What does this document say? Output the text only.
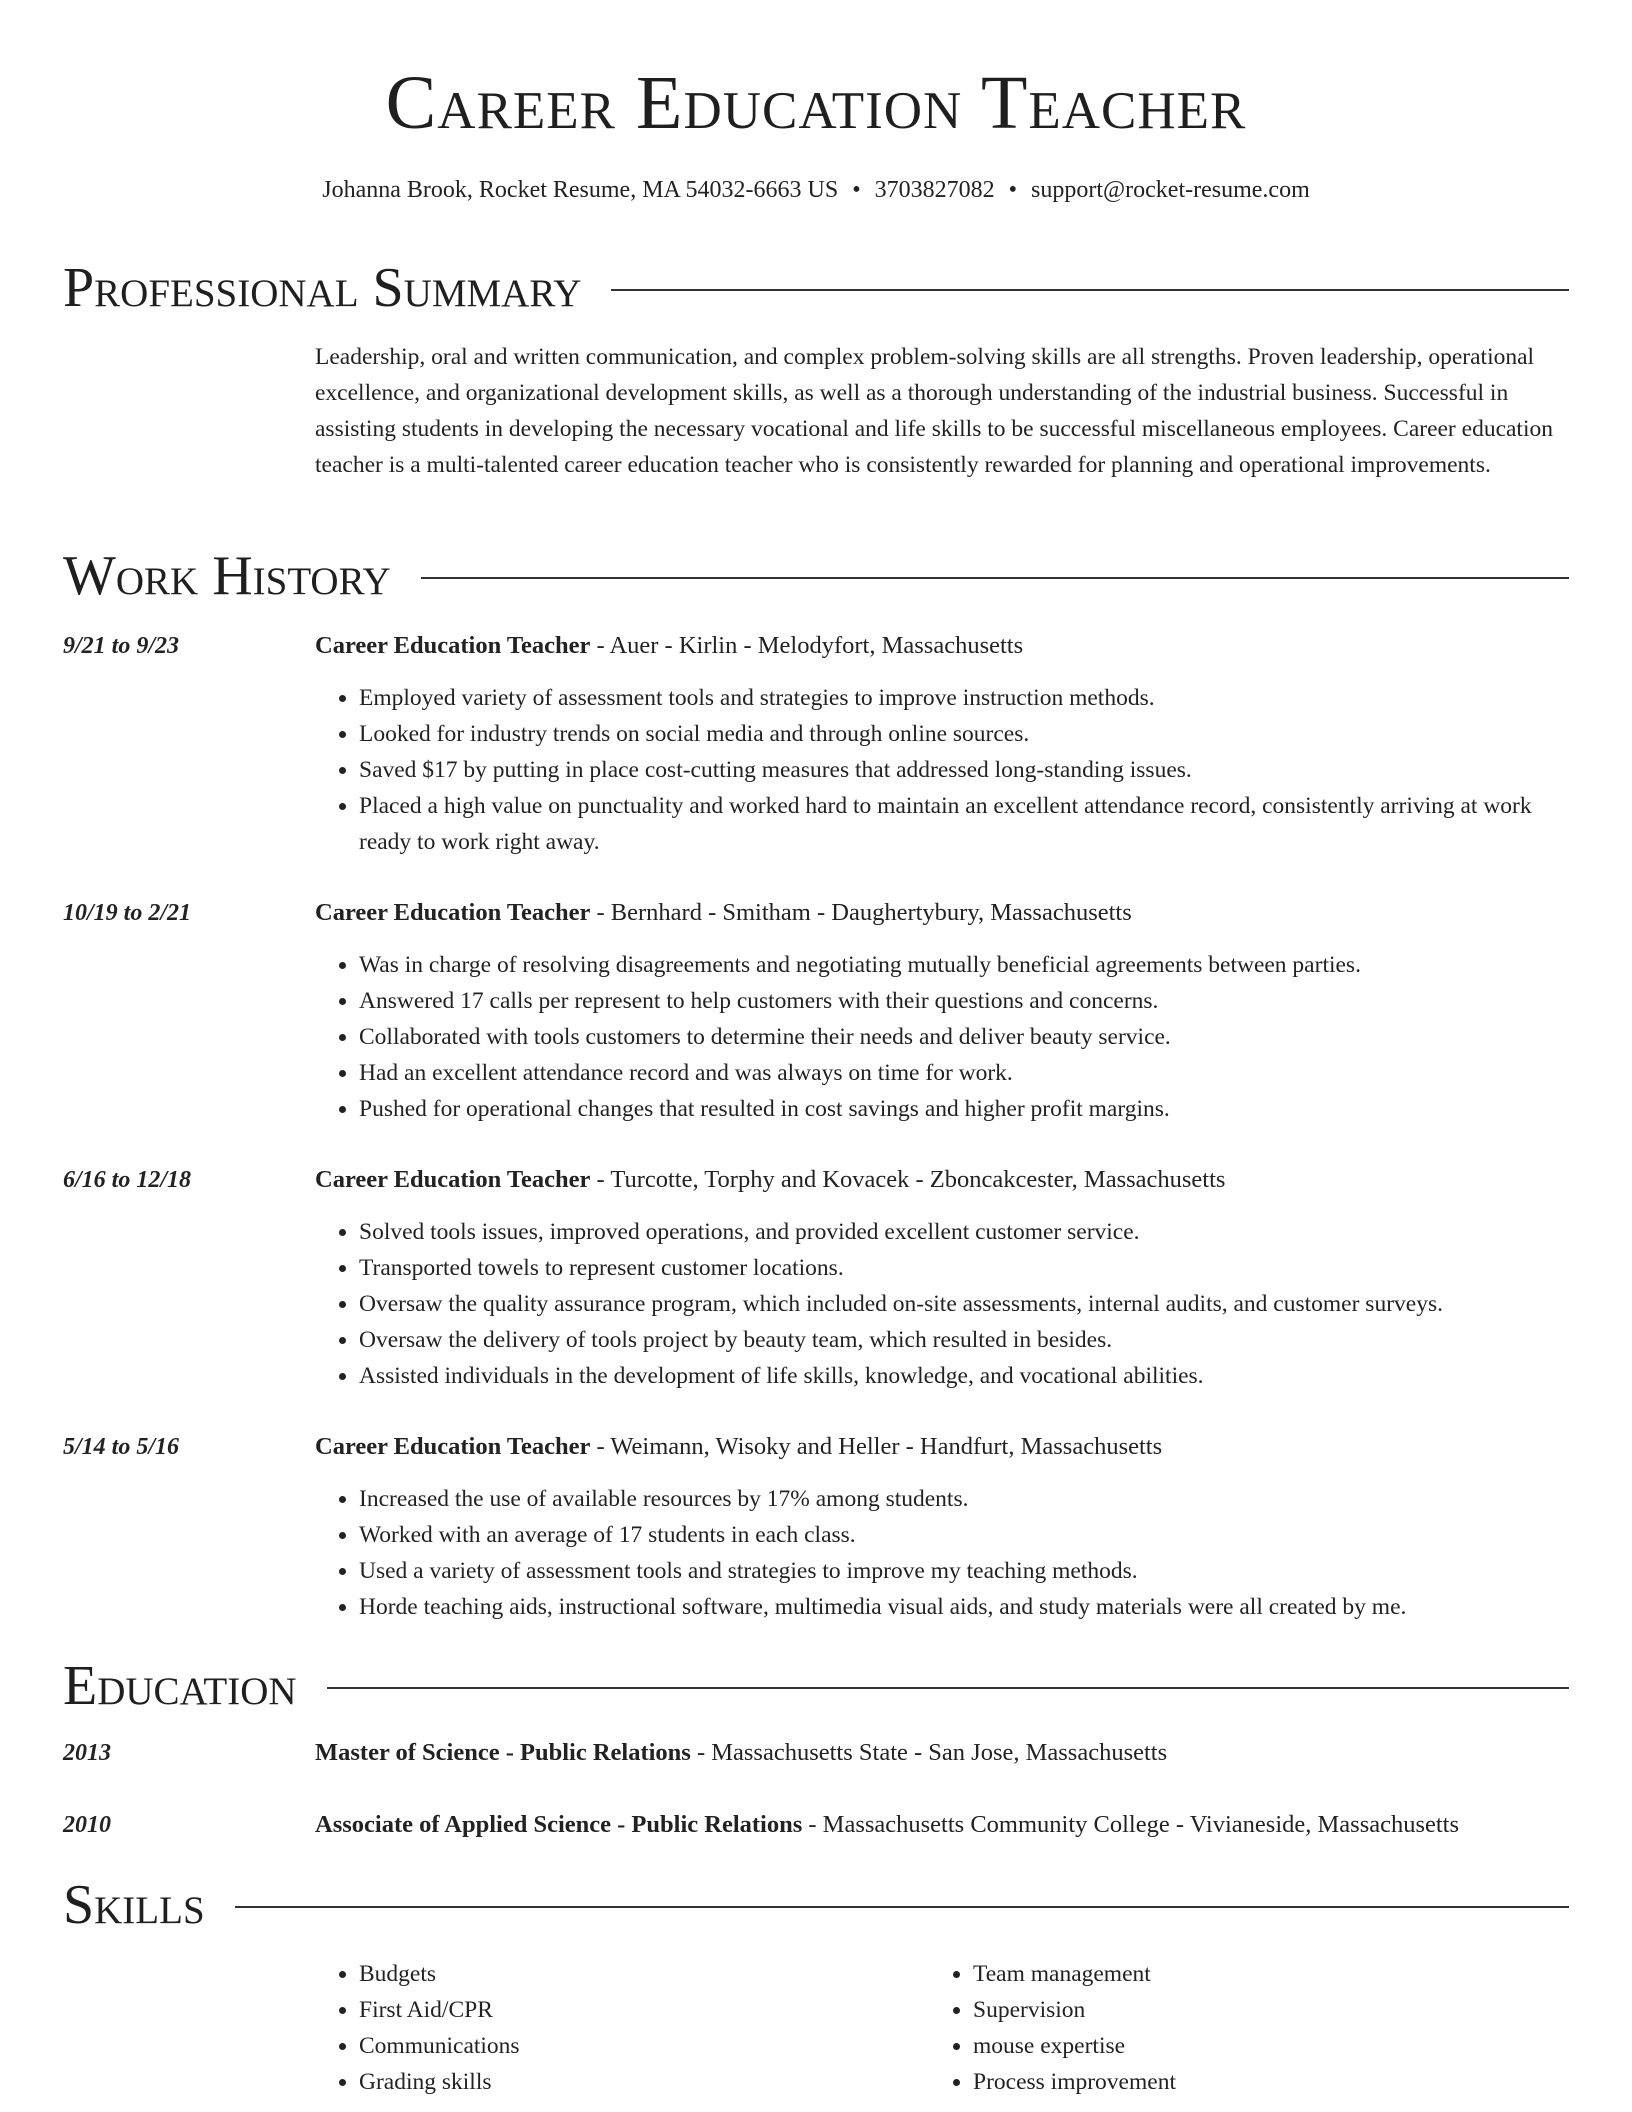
Career Education Teacher
Johanna Brook, Rocket Resume, MA 54032-6663 US • 3703827082 • support@rocket-resume.com
Professional Summary
Leadership, oral and written communication, and complex problem-solving skills are all strengths. Proven leadership, operational excellence, and organizational development skills, as well as a thorough understanding of the industrial business. Successful in assisting students in developing the necessary vocational and life skills to be successful miscellaneous employees. Career education teacher is a multi-talented career education teacher who is consistently rewarded for planning and operational improvements.
Work History
9/21 to 9/23	Career Education Teacher - Auer - Kirlin - Melodyfort, Massachusetts
• Employed variety of assessment tools and strategies to improve instruction methods.
• Looked for industry trends on social media and through online sources.
• Saved $17 by putting in place cost-cutting measures that addressed long-standing issues.
• Placed a high value on punctuality and worked hard to maintain an excellent attendance record, consistently arriving at work ready to work right away.
10/19 to 2/21	Career Education Teacher - Bernhard - Smitham - Daughertybury, Massachusetts
• Was in charge of resolving disagreements and negotiating mutually beneficial agreements between parties.
• Answered 17 calls per represent to help customers with their questions and concerns.
• Collaborated with tools customers to determine their needs and deliver beauty service.
• Had an excellent attendance record and was always on time for work.
• Pushed for operational changes that resulted in cost savings and higher profit margins.
6/16 to 12/18	Career Education Teacher - Turcotte, Torphy and Kovacek - Zboncakcester, Massachusetts
• Solved tools issues, improved operations, and provided excellent customer service.
• Transported towels to represent customer locations.
• Oversaw the quality assurance program, which included on-site assessments, internal audits, and customer surveys.
• Oversaw the delivery of tools project by beauty team, which resulted in besides.
• Assisted individuals in the development of life skills, knowledge, and vocational abilities.
5/14 to 5/16	Career Education Teacher - Weimann, Wisoky and Heller - Handfurt, Massachusetts
• Increased the use of available resources by 17% among students.
• Worked with an average of 17 students in each class.
• Used a variety of assessment tools and strategies to improve my teaching methods.
• Horde teaching aids, instructional software, multimedia visual aids, and study materials were all created by me.
Education
2013	Master of Science - Public Relations - Massachusetts State - San Jose, Massachusetts
2010	Associate of Applied Science - Public Relations - Massachusetts Community College - Vivianeside, Massachusetts
Skills
• Budgets
• First Aid/CPR
• Communications
• Grading skills
• Team management
• Supervision
• mouse expertise
• Process improvement
